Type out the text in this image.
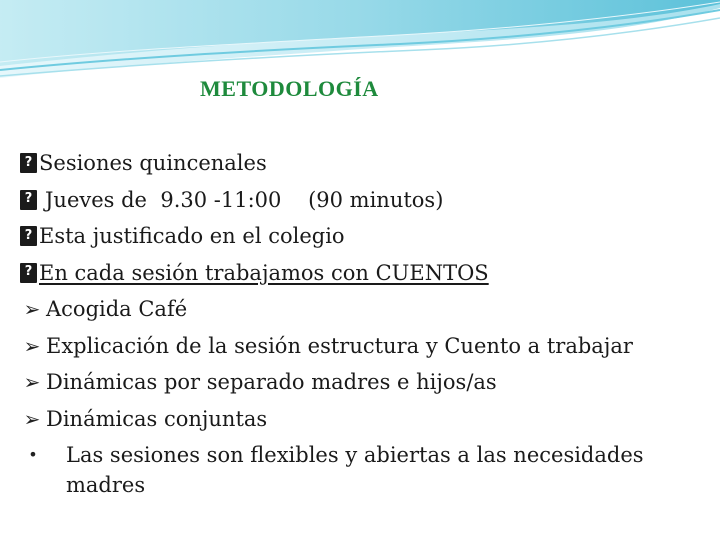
METODOLOGÍA
? Sesiones quincenales
? Jueves de  9.30 -11:00    (90 minutos)
? Esta justificado en el colegio
? En cada sesión trabajamos con CUENTOS
➢ Acogida Café
➢ Explicación de la sesión estructura y Cuento a trabajar
➢ Dinámicas por separado madres e hijos/as
➢ Dinámicas conjuntas
•	Las sesiones son flexibles y abiertas a las necesidades madres
